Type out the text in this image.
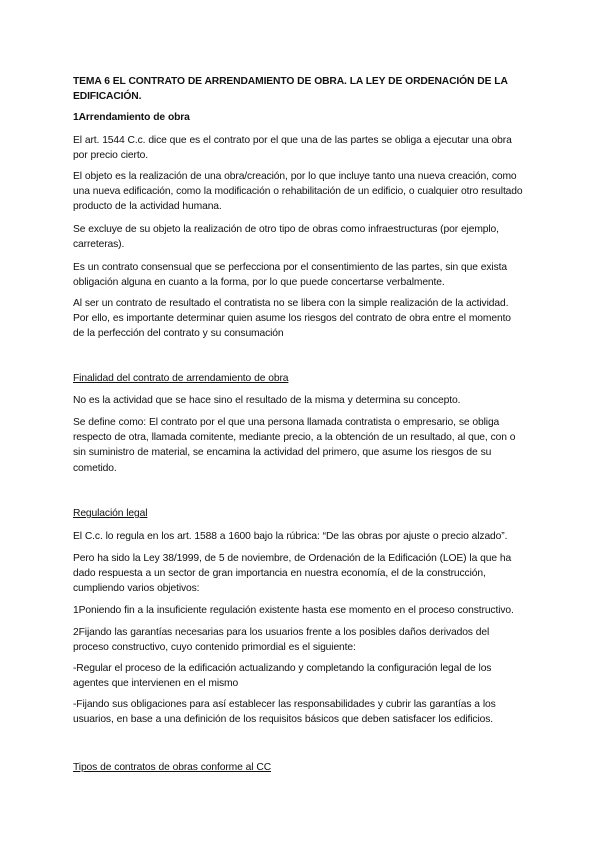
TEMA 6 EL CONTRATO DE ARRENDAMIENTO DE OBRA. LA LEY DE ORDENACIÓN DE LA EDIFICACIÓN.

1Arrendamiento de obra

El art. 1544 C.c. dice que es el contrato por el que una de las partes se obliga a ejecutar una obra por precio cierto.

El objeto es la realización de una obra/creación, por lo que incluye tanto una nueva creación, como una nueva edificación, como la modificación o rehabilitación de un edificio, o cualquier otro resultado producto de la actividad humana.

Se excluye de su objeto la realización de otro tipo de obras como infraestructuras (por ejemplo, carreteras).

Es un contrato consensual que se perfecciona por el consentimiento de las partes, sin que exista obligación alguna en cuanto a la forma, por lo que puede concertarse verbalmente.

Al ser un contrato de resultado el contratista no se libera con la simple realización de la actividad. Por ello, es importante determinar quien asume los riesgos del contrato de obra entre el momento de la perfección del contrato y su consumación

Finalidad del contrato de arrendamiento de obra

No es la actividad que se hace sino el resultado de la misma y determina su concepto.

Se define como: El contrato por el que una persona llamada contratista o empresario, se obliga respecto de otra, llamada comitente, mediante precio, a la obtención de un resultado, al que, con o sin suministro de material, se encamina la actividad del primero, que asume los riesgos de su cometido.

Regulación legal

El C.c. lo regula en los art. 1588 a 1600 bajo la rúbrica: “De las obras por ajuste o precio alzado”.

Pero ha sido la Ley 38/1999, de 5 de noviembre, de Ordenación de la Edificación (LOE) la que ha dado respuesta a un sector de gran importancia en nuestra economía, el de la construcción, cumpliendo varios objetivos:

1Poniendo fin a la insuficiente regulación existente hasta ese momento en el proceso constructivo.

2Fijando las garantías necesarias para los usuarios frente a los posibles daños derivados del proceso constructivo, cuyo contenido primordial es el siguiente:

-Regular el proceso de la edificación actualizando y completando la configuración legal de los agentes que intervienen en el mismo

-Fijando sus obligaciones para así establecer las responsabilidades y cubrir las garantías a los usuarios, en base a una definición de los requisitos básicos que deben satisfacer los edificios.

Tipos de contratos de obras conforme al CC
